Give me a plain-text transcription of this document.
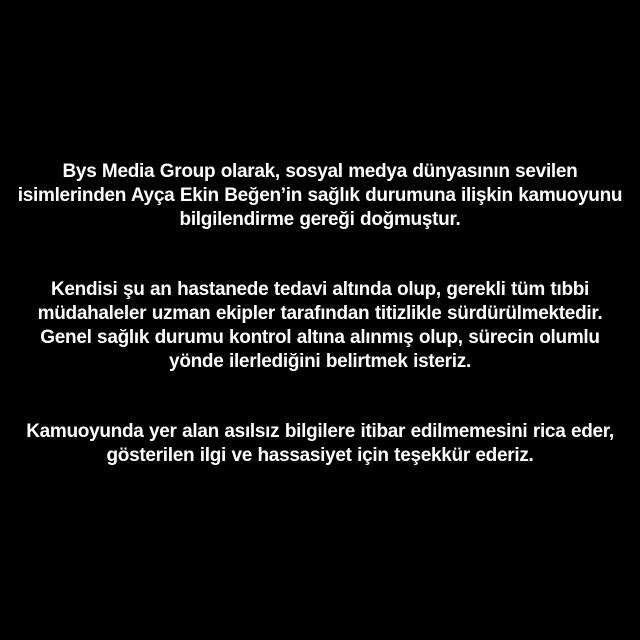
Bys Media Group olarak, sosyal medya dünyasının sevilen isimlerinden Ayça Ekin Beğen’in sağlık durumuna ilişkin kamuoyunu bilgilendirme gereği doğmuştur.

Kendisi şu an hastanede tedavi altında olup, gerekli tüm tıbbi müdahaleler uzman ekipler tarafından titizlikle sürdürülmektedir. Genel sağlık durumu kontrol altına alınmış olup, sürecin olumlu yönde ilerlediğini belirtmek isteriz.

Kamuoyunda yer alan asılsız bilgilere itibar edilmemesini rica eder, gösterilen ilgi ve hassasiyet için teşekkür ederiz.
